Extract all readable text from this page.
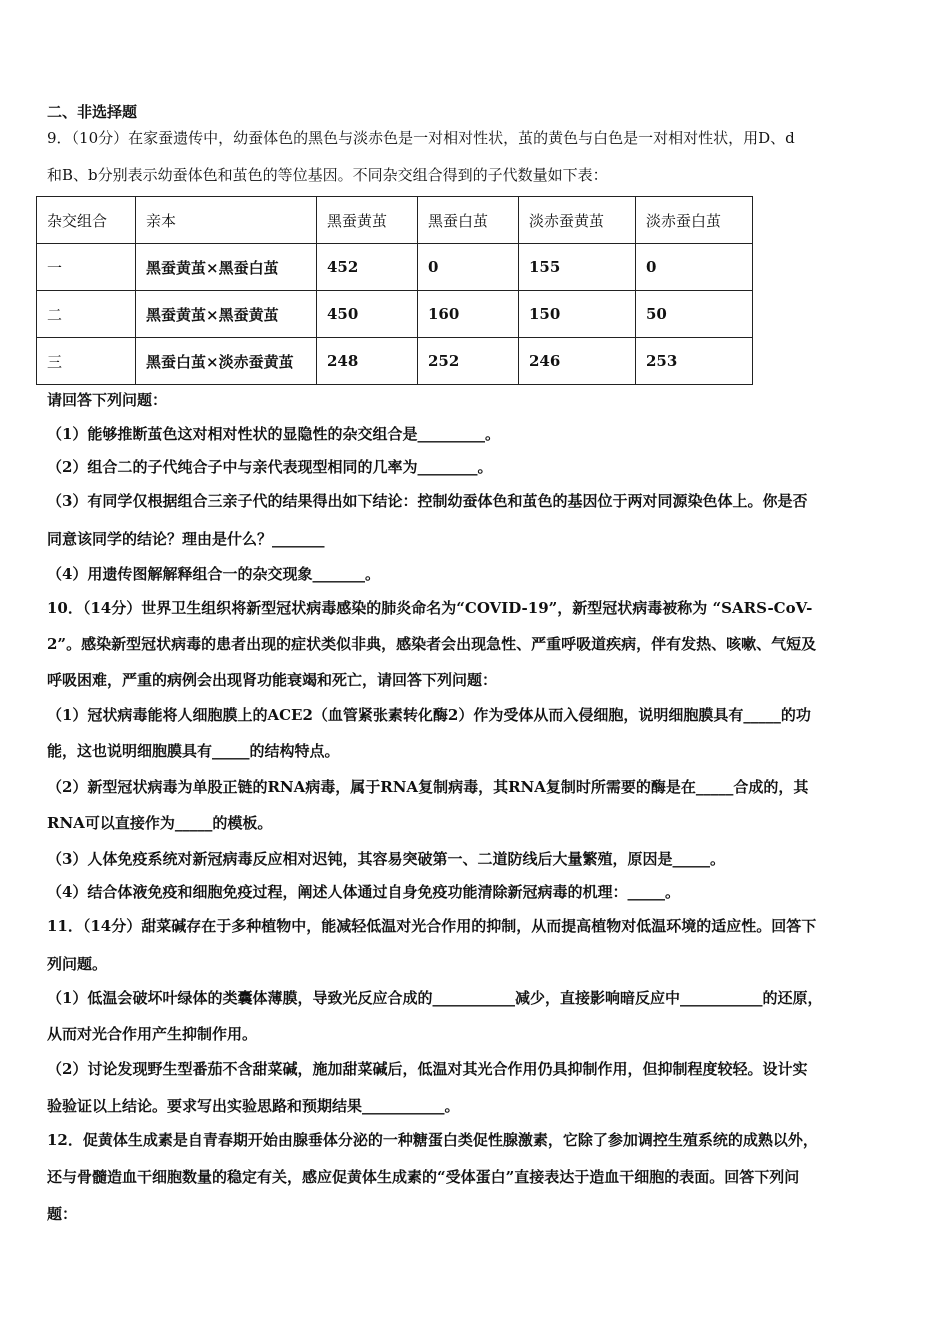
二、非选择题
9．（10分）在家蚕遗传中，幼蚕体色的黑色与淡赤色是一对相对性状，茧的黄色与白色是一对相对性状，用D、d
和B、b分别表示幼蚕体色和茧色的等位基因。不同杂交组合得到的子代数量如下表：
杂交组合	亲本	黑蚕黄茧	黑蚕白茧	淡赤蚕黄茧	淡赤蚕白茧
一	黑蚕黄茧×黑蚕白茧	452	0	155	0
二	黑蚕黄茧×黑蚕黄茧	450	160	150	50
三	黑蚕白茧×淡赤蚕黄茧	248	252	246	253
请回答下列问题：
（1）能够推断茧色这对相对性状的显隐性的杂交组合是_________。
（2）组合二的子代纯合子中与亲代表现型相同的几率为________。
（3）有同学仅根据组合三亲子代的结果得出如下结论：控制幼蚕体色和茧色的基因位于两对同源染色体上。你是否
同意该同学的结论？理由是什么？_______
（4）用遗传图解解释组合一的杂交现象_______。
10．（14分）世界卫生组织将新型冠状病毒感染的肺炎命名为“COVID-19”，新型冠状病毒被称为 “SARS-CoV-
2”。感染新型冠状病毒的患者出现的症状类似非典，感染者会出现急性、严重呼吸道疾病，伴有发热、咳嗽、气短及
呼吸困难，严重的病例会出现肾功能衰竭和死亡，请回答下列问题：
（1）冠状病毒能将人细胞膜上的ACE2（血管紧张素转化酶2）作为受体从而入侵细胞，说明细胞膜具有_____的功
能，这也说明细胞膜具有_____的结构特点。
（2）新型冠状病毒为单股正链的RNA病毒，属于RNA复制病毒，其RNA复制时所需要的酶是在_____合成的，其
RNA可以直接作为_____的模板。
（3）人体免疫系统对新冠病毒反应相对迟钝，其容易突破第一、二道防线后大量繁殖，原因是_____。
（4）结合体液免疫和细胞免疫过程，阐述人体通过自身免疫功能清除新冠病毒的机理：_____。
11．（14分）甜菜碱存在于多种植物中，能减轻低温对光合作用的抑制，从而提高植物对低温环境的适应性。回答下
列问题。
（1）低温会破坏叶绿体的类囊体薄膜，导致光反应合成的___________减少，直接影响暗反应中___________的还原，
从而对光合作用产生抑制作用。
（2）讨论发现野生型番茄不含甜菜碱，施加甜菜碱后，低温对其光合作用仍具抑制作用，但抑制程度较轻。设计实
验验证以上结论。要求写出实验思路和预期结果___________。
12．促黄体生成素是自青春期开始由腺垂体分泌的一种糖蛋白类促性腺激素，它除了参加调控生殖系统的成熟以外，
还与骨髓造血干细胞数量的稳定有关，感应促黄体生成素的“受体蛋白”直接表达于造血干细胞的表面。回答下列问
题：
